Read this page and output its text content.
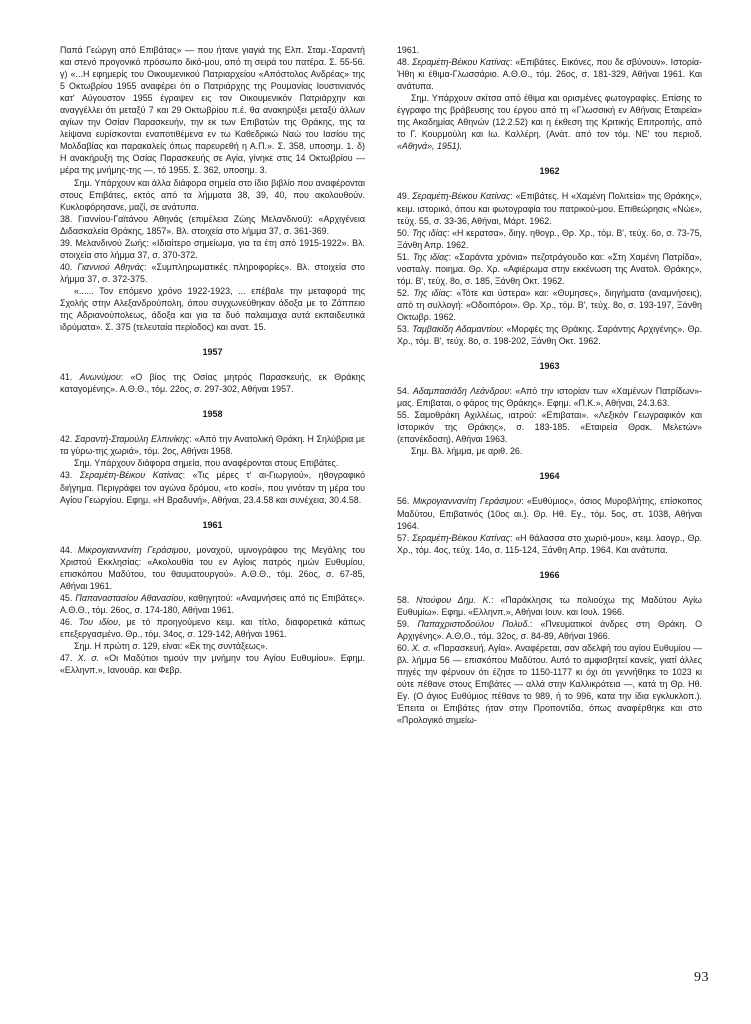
Παπά Γεώργη από Επιβάτας» — που ήτανε γιαγιά της Ελπ. Σταμ.-Σαραντή και στενό προγονικό πρόσωπο δικό-μου, από τη σειρά του πατέρα. Σ. 55-56. γ) «...Η εφημερίς του Οικουμενικού Πατριαρχείου «Απόστολος Ανδρέας» της 5 Οκτωβρίου 1955 αναφέρει ότι ο Πατριάρχης της Ρουμανίας Ιουστινιανός κατ' Αύγουστον 1955 έγραψεν εις τον Οικουμενικόν Πατριάρχην και αναγγέλλει ότι μεταξύ 7 και 29 Οκτωβρίου π.έ. θα ανακηρύξει μεταξύ άλλων αγίων την Οσίαν Παρασκευήν, την εκ των Επιβατών της Θράκης, της τα λείψανα ευρίσκονται εναποτιθέμενα εν τω Καθεδρικώ Ναώ του Ιασίου της Μολδαβίας και παρακαλείς όπως παρευρεθή η Α.Π.». Σ. 358, υποσημ. 1. δ) Η ανακήρυξη της Οσίας Παρασκευής σε Αγία, γίνηκε στις 14 Οκτωβρίου — μέρα της μνήμης-της —, τό 1955. Σ. 362, υποσημ. 3.

Σημ. Υπάρχουν και άλλα διάφορα σημεία στο ίδιο βιβλίο που αναφέρονται στους Επιβάτες, εκτός από τα λήμματα 38, 39, 40, που ακολουθούν. Κυκλοφόρησανε, μαζί, σε ανάτυπα.

38. Γιαννίου-Γαϊτάνου Αθηνάς (επιμέλεια Ζώης Μελανδινού): «Αρχιγένεια Διδασκαλεία Θράκης, 1857». Βλ. στοιχεία στο λήμμα 37, σ. 361-369.

39. Μελανδινού Ζωής: «Ιδιαίτερο σημείωμα, για τα έτη από 1915-1922». Βλ. στοιχεία στο λήμμα 37, σ. 370-372.

40. Γιαννιού Αθηνάς: «Συμπληρωματικές πληροφορίες». Βλ. στοιχεία στο λήμμα 37, σ. 372-375.

«...... Τον επόμενο χρόνο 1922-1923, ... επέβαλε την μεταφορά της Σχολής στην Αλεξανδρούπολη, όπου συγχωνεύθηκαν άδοξα με το Ζάππειο της Αδριανούπολεως, άδοξα και για τα δυό παλαιμαχα αυτά εκπαιδευτικά ιδρύματα». Σ. 375 (τελευταία περίοδος) και ανατ. 15.

1957

41. Ανωνύμου: «Ο βίος της Οσίας μητρός Παρασκευής, εκ Θράκης καταγομένης». Α.Θ.Θ., τόμ. 22ος, σ. 297-302, Αθήναι 1957.

1958

42. Σαραντή-Σταμούλη Ελπινίκης: «Από την Ανατολική Θράκη. Η Σηλύβρια με τα γύρω-της χωριά», τόμ. 2ος, Αθήναι 1958.

Σημ. Υπάρχουν διάφορα σημεία, που αναφέρονται στους Επιβάτες.

43. Σεραμέτη-Βέικου Κατίνας: «Τις μέρες τ' αι-Γιωργιού», ηθογραφικό διήγημα. Περιγράφει τον αγώνα δρόμου, «το κοσί», που γινόταν τη μέρα του Αγίου Γεωργίου. Εφημ. «Η Βραδυνή», Αθήναι, 23.4.58 και συνέχεια, 30.4.58.

1961

44. Μικρογιαννανίτη Γεράσιμου, μοναχού, υμνογράφου της Μεγάλης του Χριστού Εκκλησίας: «Ακολουθία του εν Αγίοις πατρός ημών Ευθυμίου, επισκόπου Μαδύτου, του θαυματουργού». Α.Θ.Θ., τόμ. 26ος, σ. 67-85, Αθήναι 1961.

45. Παπαναστασίου Αθανασίου, καθηγητού: «Αναμνήσεις από τις Επιβάτες». Α.Θ.Θ., τόμ. 26ος, σ. 174-180, Αθήναι 1961.

46. Του ιδίου, με τό προηγούμενο κειμ. και τίτλο, διαφορετικά κάπως επεξεργασμένο. Θρ., τόμ. 34ος, σ. 129-142, Αθήναι 1961.

Σημ. Η πρώτη σ. 129, είναι: «Εκ της συντάξεως».

47. Χ. σ. «Οι Μαδύτιοι τιμούν την μνήμην του Αγίου Ευθυμίου». Εφημ. «Ελληνπ.», Ιανουάρ. και Φεβρ.

1961.

48. Σεραμέτη-Βέικου Κατίνας: «Επιβάτες. Εικόνες, που δε σβύνουν». Ιστορία-Ήθη κι έθιμα-Γλωσσάριο. Α.Θ.Θ., τόμ. 26ος, σ. 181-329, Αθήναι 1961. Και ανάτυπα.

Σημ. Υπάρχουν σκίτσα από έθιμα και ορισμένες φωτογραφίες. Επίσης το έγγραφο της βράβευσης του έργου από τη «Γλωσσική εν Αθήναις Εταιρεία» της Ακαδημίας Αθηνών (12.2.52) και η έκθεση της Κριτικής Επιτροπής, από το Γ. Κουρμούλη και Ιω. Καλλέρη. (Ανάτ. από τον τόμ. ΝΕ' του περιοδ. «Αθηνά», 1951).

1962

49. Σεραμέτη-Βέικου Κατίνας: «Επιβάτες. Η «Χαμένη Πολιτεία» της Θράκης», κειμ. ιστορικό, όπου και φωτογραφία του πατρικού-μου. Επιθεώρησις «Νώε», τεύχ. 55, σ. 33-36, Αθήναι, Μάρτ. 1962.

50. Της ιδίας: «Η κερατσα», διηγ. ηθογρ., Θρ. Χρ., τόμ. Β', τεύχ. 6ο, σ. 73-75, Ξάνθη Απρ. 1962.

51. Της ιδίας: «Σαράντα χρόνια» πεζοτράγουδο και: «Στη Χαμένη Πατρίδα», νοσταλγ. ποιημα. Θρ. Χρ. «Αφιέρωμα στην εκκένωση της Ανατολ. Θράκης», τόμ. Β', τεύχ. 8ο, σ. 185, Ξάνθη Οκτ. 1962.

52. Της ιδίας: «Τότε και ύστερα» και: «Θυμησες», διηγήματα (αναμνήσεις), από τη συλλογή: «Οδοιπόροι». Θρ. Χρ., τόμ. Β', τεύχ. 8ο, σ. 193-197, Ξάνθη Οκτωβρ. 1962.

53. Ταμβακίδη Αδαμαντίου: «Μορφές της Θράκης. Σαράντης Αρχιγένης». Θρ. Χρ., τόμ. Β', τεύχ. 8ο, σ. 198-202, Ξάνθη Οκτ. 1962.

1963

54. Αδαμπασιάδη Λεάνδρου: «Από την ιστορίαν των «Χαμένων Πατρίδων»-μας. Επιβαται, ο φάρος της Θράκης». Εφημ. «Π.Κ.», Αθήναι, 24.3.63.

55. Σαμοθράκη Αχιλλέως, ιατρού: «Επιβαται». «Λεξικόν Γεωγραφικόν και Ιστορικόν της Θράκης», σ. 183-185. «Εταιρεία Θρακ. Μελετών» (επανέκδοση), Αθήναι 1963.

Σημ. Βλ. λήμμα, με αριθ. 26.

1964

56. Μικρογιαννανίτη Γεράσιμου: «Ευθύμιος», όσιος Μυροβλήτης, επίσκοπος Μαδύτου, Επιβατινός (10ος αι.). Θρ. Ηθ. Εγ., τόμ. 5ος, στ. 1038, Αθήναι 1964.

57. Σεραμέτη-Βέικου Κατίνας: «Η θάλασσα στο χωριό-μου», κειμ. λαογρ., Θρ. Χρ., τόμ. 4ος, τεύχ. 14ο, σ. 115-124, Ξάνθη Απρ. 1964. Και ανάτυπα.

1966

58. Ντούφου Δημ. Κ.: «Παράκλησις τω πολιούχω της Μαδύτου Αγίω Ευθυμίω». Εφημ. «Ελληνπ.», Αθήναι Ιουν. και Ιουλ. 1966.

59. Παπαχριστοδούλου Πολυδ.: «Πνευματικοί άνδρες στη Θράκη. Ο Αρχιγένης». Α.Θ.Θ., τόμ. 32ος, σ. 84-89, Αθήναι 1966.

60. Χ. σ. «Παρασκευή, Αγία». Αναφέρεται, σαν αδελφή του αγίου Ευθυμίου — βλ. λήμμα 56 — επισκόπου Μαδύτου. Αυτό το αμφισβητεί κανείς, γιατί άλλες πηγές την φέρνουν ότι έζησε το 1150-1177 κι όχι ότι γεννήθηκε το 1023 κι ούτε πέθανε στους Επιβάτες — αλλά στην Καλλικράτεια —, κατά τη Θρ. Ηθ. Εγ. (Ο άγιος Ευθύμιος πέθανε το 989, ή το 996, κατα την ίδια εγκλυκλοπ.). Έπειτα οι Επιβάτες ήταν στην Προποντίδα, όπως αναφέρθηκε και στο «Προλογικό σημείω-

93
